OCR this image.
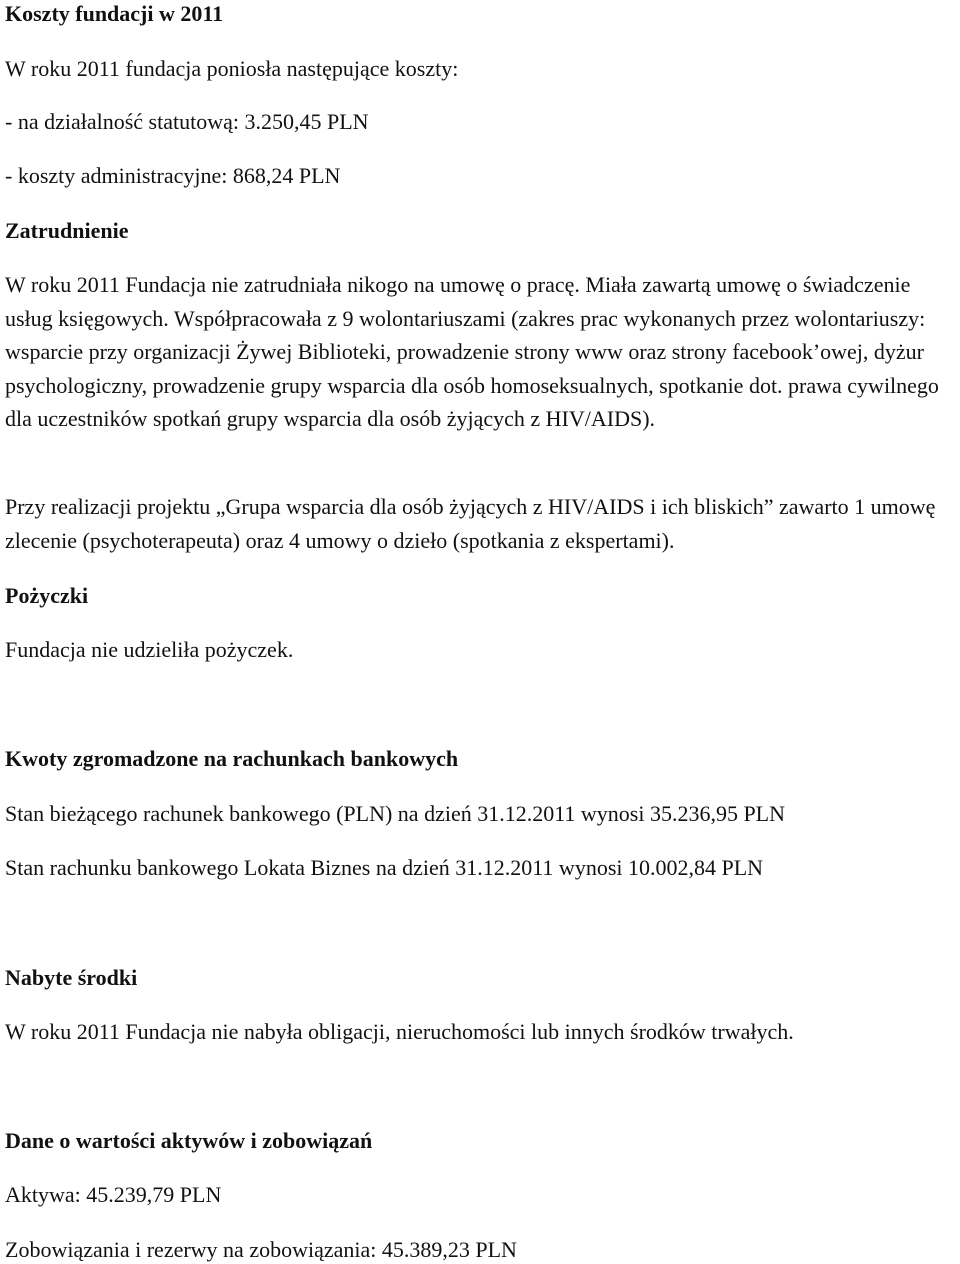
Koszty fundacji w 2011

W roku 2011 fundacja poniosła następujące koszty:

- na działalność statutową: 3.250,45 PLN

- koszty administracyjne: 868,24 PLN

Zatrudnienie

W roku 2011 Fundacja nie zatrudniała nikogo na umowę o pracę. Miała zawartą umowę o świadczenie usług księgowych. Współpracowała z 9 wolontariuszami (zakres prac wykonanych przez wolontariuszy: wsparcie przy organizacji Żywej Biblioteki, prowadzenie strony www oraz strony facebook’owej, dyżur psychologiczny, prowadzenie grupy wsparcia dla osób homoseksualnych, spotkanie dot. prawa cywilnego dla uczestników spotkań grupy wsparcia dla osób żyjących z HIV/AIDS).

Przy realizacji projektu „Grupa wsparcia dla osób żyjących z HIV/AIDS i ich bliskich” zawarto 1 umowę zlecenie (psychoterapeuta) oraz 4 umowy o dzieło (spotkania z ekspertami).

Pożyczki

Fundacja nie udzieliła pożyczek.

Kwoty zgromadzone na rachunkach bankowych

Stan bieżącego rachunek bankowego (PLN) na dzień 31.12.2011 wynosi 35.236,95 PLN

Stan rachunku bankowego Lokata Biznes na dzień 31.12.2011 wynosi 10.002,84 PLN

Nabyte środki

W roku 2011 Fundacja nie nabyła obligacji, nieruchomości lub innych środków trwałych.

Dane o wartości aktywów i zobowiązań

Aktywa: 45.239,79 PLN

Zobowiązania i rezerwy na zobowiązania: 45.389,23 PLN
